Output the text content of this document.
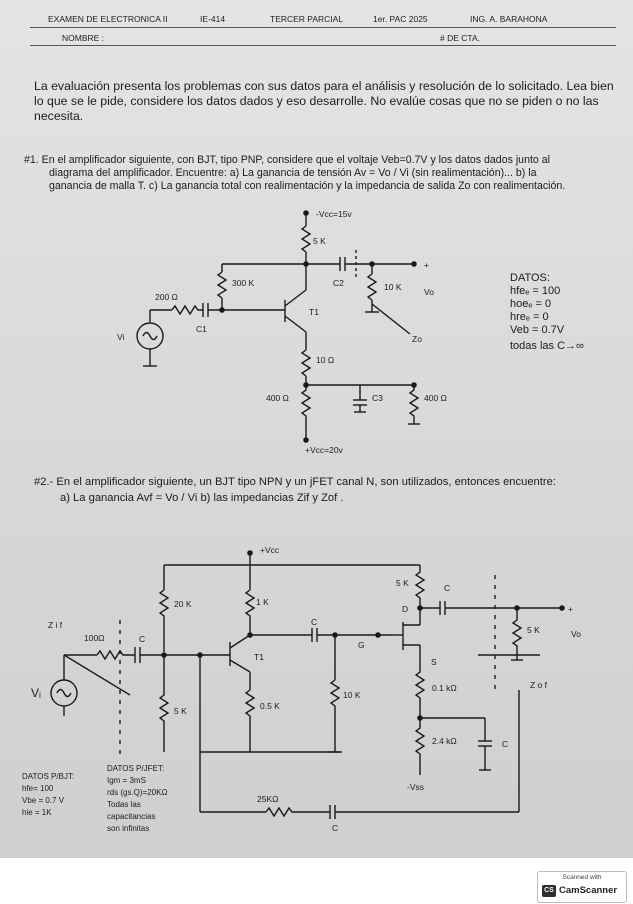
EXAMEN DE ELECTRONICA II	IE-414	TERCER PARCIAL	1er. PAC 2025	ING. A. BARAHONA
NOMBRE :	# DE CTA.
La evaluación presenta los problemas con sus datos para el análisis y resolución de lo solicitado. Lea bien lo que se le pide, considere los datos dados y eso desarrolle. No evalúe cosas que no se piden o no las necesita.
#1. En el amplificador siguiente, con BJT, tipo PNP, considere que el voltaje Veb=0.7V y los datos dados junto al
diagrama del amplificador. Encuentre: a) La ganancia de tensión Av = Vo / Vi (sin realimentación)... b) la
ganancia de malla T. c) La ganancia total con realimentación y la impedancia de salida Zo con realimentación.
#2.- En el amplificador siguiente, un BJT tipo NPN y un jFET canal N, son utilizados, entonces encuentre:
a) La ganancia Avf = Vo / Vi b) las impedancias Zif y Zof .
-Vcc=15v
5 K
300 K
200 Ω
C1
C2
Vi
T1
10 K	Vo
Zo
+
10 Ω
400 Ω	C3	400 Ω
+Vcc=20v
DATOS:
hfeₑ = 100
hoeₑ = 0
hreₑ = 0
Veb = 0.7V
todas las C→∞
+Vcc
20 K	1 K
5 K	0.5 K
C
C
T1
G
10 K
D
S
5 K	C
0.1 kΩ
2.4 kΩ	C
5 K	Vo
+
Z i f
Z o f
100Ω
-Vss
25KΩ
C
Vᵢ
DATOS P/BJT:
hfe= 100
Vbe = 0.7 V
hie = 1K
DATOS P/JFET:
Igm = 3mS
rds (gs.Q)=20KΩ
Todas las
capacitancias
son infinitas
Scanned with
CS CamScanner
